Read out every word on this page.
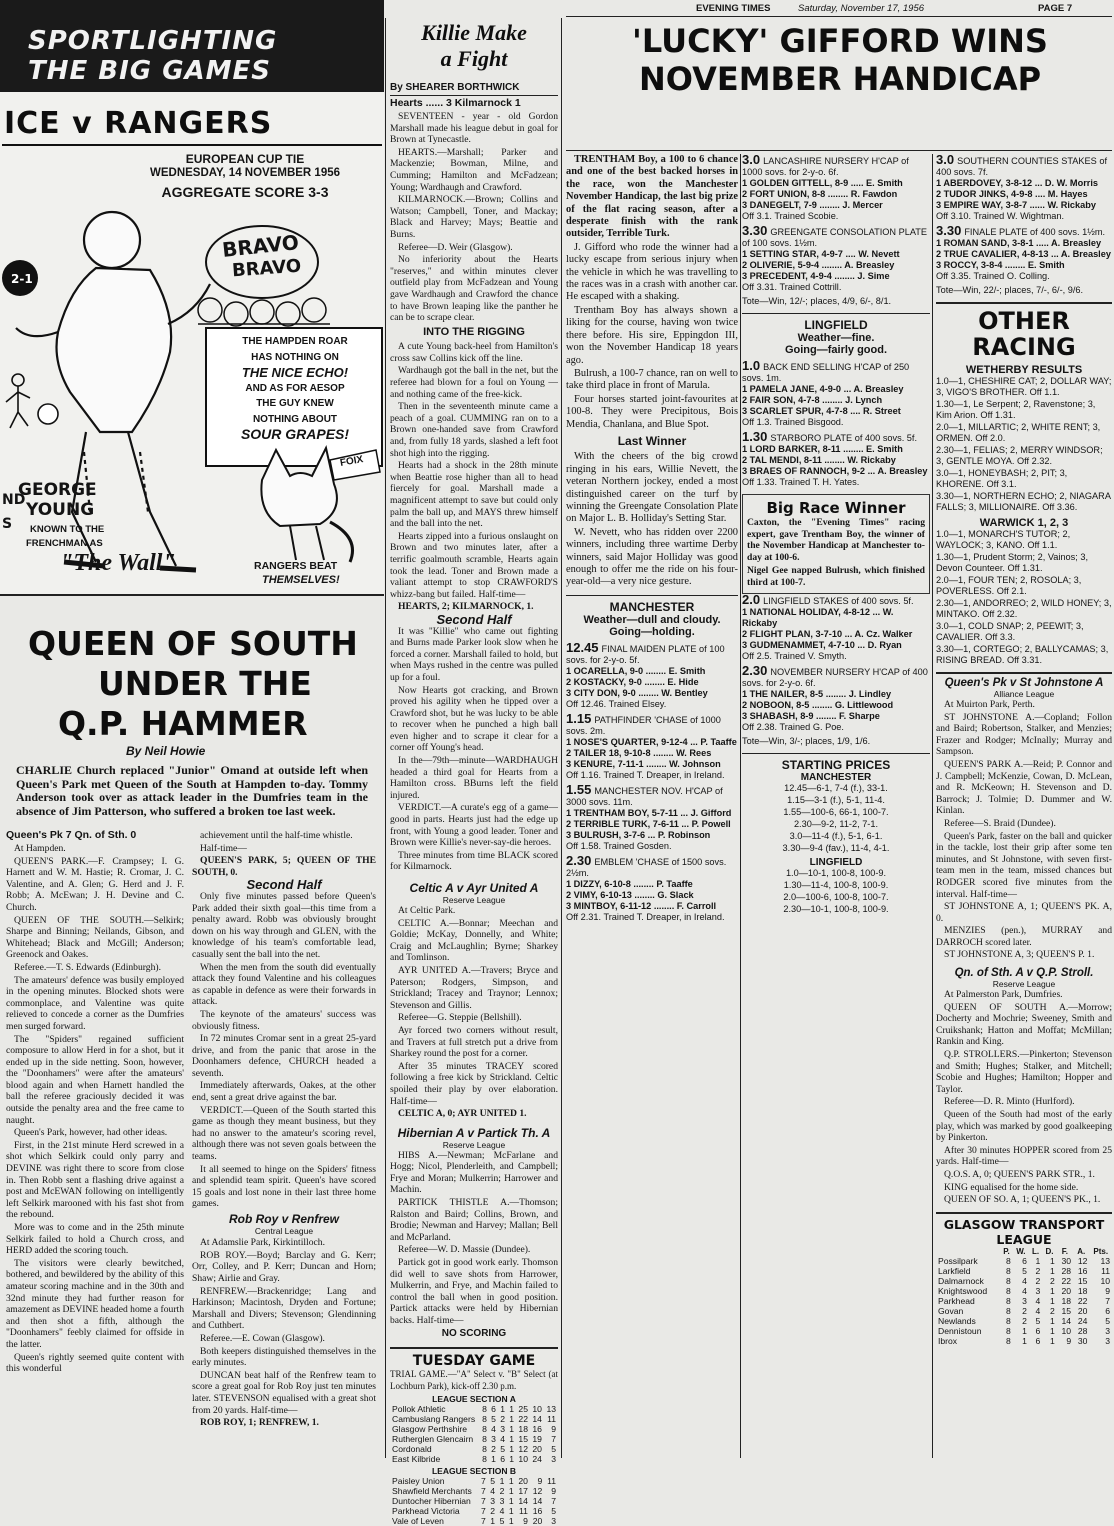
SPORTLIGHTING
THE BIG GAMES
EVENING TIMES	Saturday, November 17, 1956	PAGE 7
ICE v RANGERS
EUROPEAN CUP TIE
WEDNESDAY, 14 NOVEMBER 1956
AGGREGATE SCORE 3-3
2-1
BRAVO
BRAVO
THE HAMPDEN ROAR
HAS NOTHING ON
THE NICE ECHO!
AND AS FOR AESOP
THE GUY KNEW
NOTHING ABOUT
SOUR GRAPES!
FOIX
ND
S
GEORGE
YOUNG
KNOWN TO THE
FRENCHMAN AS
"The Wall"	RANGERS BEAT
THEMSELVES!
QUEEN OF SOUTH
UNDER THE
Q.P. HAMMER
By Neil Howie
CHARLIE Church replaced "Junior" Omand at outside left when Queen's Park met Queen of the South at Hampden to-day. Tommy Anderson took over as attack leader in the Dumfries team in the absence of Jim Patterson, who suffered a broken toe last week.
Queen's Pk 7 Qn. of Sth. 0

At Hampden.

QUEEN'S PARK.—F. Crampsey; I. G. Harnett and W. M. Hastie; R. Cromar, J. C. Valentine, and A. Glen; G. Herd and J. F. Robb; A. McEwan; J. H. Devine and C. Church.

QUEEN OF THE SOUTH.—Selkirk; Sharpe and Binning; Neilands, Gibson, and Whitehead; Black and McGill; Anderson; Greenock and Oakes.

Referee.—T. S. Edwards (Edinburgh).

The amateurs' defence was busily employed in the opening minutes. Blocked shots were commonplace, and Valentine was quite relieved to concede a corner as the Dumfries men surged forward.

The "Spiders" regained sufficient composure to allow Herd in for a shot, but it ended up in the side netting. Soon, however, the "Doonhamers" were after the amateurs' blood again and when Harnett handled the ball the referee graciously decided it was outside the penalty area and the free came to naught.

Queen's Park, however, had other ideas.

First, in the 21st minute Herd screwed in a shot which Selkirk could only parry and DEVINE was right there to score from close in. Then Robb sent a flashing drive against a post and McEWAN following on intelligently left Selkirk marooned with his fast shot from the rebound.

More was to come and in the 25th minute Selkirk failed to hold a Church cross, and HERD added the scoring touch.

The visitors were clearly bewitched, bothered, and bewildered by the ability of this amateur scoring machine and in the 30th and 32nd minute they had further reason for amazement as DEVINE headed home a fourth and then shot a fifth, although the "Doonhamers" feebly claimed for offside in the latter.

Queen's rightly seemed quite content with this wonderful

achievement until the half-time whistle.

Half-time—

QUEEN'S PARK, 5; QUEEN OF THE SOUTH, 0.

Second Half

Only five minutes passed before Queen's Park added their sixth goal—this time from a penalty award. Robb was obviously brought down on his way through and GLEN, with the knowledge of his team's comfortable lead, casually sent the ball into the net.

When the men from the south did eventually attack they found Valentine and his colleagues as capable in defence as were their forwards in attack.

The keynote of the amateurs' success was obviously fitness.

In 72 minutes Cromar sent in a great 25-yard drive, and from the panic that arose in the Doonhamers defence, CHURCH headed a seventh.

Immediately afterwards, Oakes, at the other end, sent a great drive against the bar.

VERDICT.—Queen of the South started this game as though they meant business, but they had no answer to the amateur's scoring revel, although there was not seven goals between the teams.

It all seemed to hinge on the Spiders' fitness and splendid team spirit. Queen's have scored 15 goals and lost none in their last three home games.

Rob Roy v Renfrew
Central League

At Adamslie Park, Kirkintilloch.

ROB ROY.—Boyd; Barclay and G. Kerr; Orr, Colley, and P. Kerr; Duncan and Horn; Shaw; Airlie and Gray.

RENFREW.—Brackenridge; Lang and Harkinson; Macintosh, Dryden and Fortune; Marshall and Divers; Stevenson; Glendinning and Cuthbert.

Referee.—E. Cowan (Glasgow).

Both keepers distinguished themselves in the early minutes.

DUNCAN beat half of the Renfrew team to score a great goal for Rob Roy just ten minutes later. STEVENSON equalised with a great shot from 20 yards. Half-time—

ROB ROY, 1; RENFREW, 1.

Killie Make
a Fight
By SHEARER BORTHWICK
Hearts ...... 3 Kilmarnock 1

SEVENTEEN - year - old Gordon Marshall made his league debut in goal for Brown at Tynecastle.

HEARTS.—Marshall; Parker and Mackenzie; Bowman, Milne, and Cumming; Hamilton and McFadzean; Young; Wardhaugh and Crawford.

KILMARNOCK.—Brown; Collins and Watson; Campbell, Toner, and Mackay; Black and Harvey; Mays; Beattie and Burns.

Referee—D. Weir (Glasgow).

No inferiority about the Hearts "reserves," and within minutes clever outfield play from McFadzean and Young gave Wardhaugh and Crawford the chance to have Brown leaping like the panther he can be to scrape clear.

INTO THE RIGGING

A cute Young back-heel from Hamilton's cross saw Collins kick off the line.

Wardhaugh got the ball in the net, but the referee had blown for a foul on Young — and nothing came of the free-kick.

Then in the seventeenth minute came a peach of a goal. CUMMING ran on to a Brown one-handed save from Crawford and, from fully 18 yards, slashed a left foot shot high into the rigging.

Hearts had a shock in the 28th minute when Beattie rose higher than all to head fiercely for goal. Marshall made a magnificent attempt to save but could only palm the ball up, and MAYS threw himself and the ball into the net.

Hearts zipped into a furious onslaught on Brown and two minutes later, after a terrific goalmouth scramble, Hearts again took the lead. Toner and Brown made a valiant attempt to stop CRAWFORD'S whizz-bang but failed. Half-time—

HEARTS, 2; KILMARNOCK, 1.

Second Half

It was "Killie" who came out fighting and Burns made Parker look slow when he forced a corner. Marshall failed to hold, but when Mays rushed in the centre was pulled up for a foul.

Now Hearts got cracking, and Brown proved his agility when he tipped over a Crawford shot, but he was lucky to be able to recover when he punched a high ball even higher and to scrape it clear for a corner off Young's head.

In the—79th—minute—WARDHAUGH headed a third goal for Hearts from a Hamilton cross. BBurns left the field injured.

VERDICT.—A curate's egg of a game—good in parts. Hearts just had the edge up front, with Young a good leader. Toner and Brown were Killie's never-say-die heroes.

Three minutes from time BLACK scored for Kilmarnock.

Celtic A v Ayr United A
Reserve League

At Celtic Park.

CELTIC A.—Bonnar; Meechan and Goldie; McKay, Donnelly, and White; Craig and McLaughlin; Byrne; Sharkey and Tomlinson.

AYR UNITED A.—Travers; Bryce and Paterson; Rodgers, Simpson, and Strickland; Tracey and Traynor; Lennox; Stevenson and Gillis.

Referee—G. Steppie (Bellshill).

Ayr forced two corners without result, and Travers at full stretch put a drive from Sharkey round the post for a corner.

After 35 minutes TRACEY scored following a free kick by Strickland. Celtic spoiled their play by over elaboration. Half-time—

CELTIC A, 0; AYR UNITED 1.

Hibernian A v Partick Th. A
Reserve League

HIBS A.—Newman; McFarlane and Hogg; Nicol, Plenderleith, and Campbell; Frye and Moran; Mulkerrin; Harrower and Machin.

PARTICK THISTLE A.—Thomson; Ralston and Baird; Collins, Brown, and Brodie; Newman and Harvey; Mallan; Bell and McParland.

Referee—W. D. Massie (Dundee).

Partick got in good work early. Thomson did well to save shots from Harrower, Mulkerrin, and Frye, and Machin failed to control the ball when in good position. Partick attacks were held by Hibernian backs. Half-time—

NO SCORING
TUESDAY GAME
TRIAL GAME.—"A" Select v. "B" Select (at Lochburn Park), kick-off 2.30 p.m.
LEAGUE SECTION A
Pollok Athletic	8	6	1	1	25	10	13
Cambuslang Rangers	8	5	2	1	22	14	11
Glasgow Perthshire	8	4	3	1	18	16	9
Rutherglen Glencairn	8	3	4	1	15	19	7
Cordonald	8	2	5	1	12	20	5
East Kilbride	8	1	6	1	10	24	3
LEAGUE SECTION B
Paisley Union	7	5	1	1	20	9	11
Shawfield Merchants	7	4	2	1	17	12	9
Duntocher Hibernian	7	3	3	1	14	14	7
Parkhead Victoria	7	2	4	1	11	16	5
Vale of Leven	7	1	5	1	9	20	3
'LUCKY' GIFFORD WINS
NOVEMBER HANDICAP

TRENTHAM Boy, a 100 to 6 chance and one of the best backed horses in the race, won the Manchester November Handicap, the last big prize of the flat racing season, after a desperate finish with the rank outsider, Terrible Turk.

J. Gifford who rode the winner had a lucky escape from serious injury when the vehicle in which he was travelling to the races was in a crash with another car. He escaped with a shaking.

Trentham Boy has always shown a liking for the course, having won twice there before. His sire, Eppingdon III, won the November Handicap 18 years ago.

Bulrush, a 100-7 chance, ran on well to take third place in front of Marula.

Four horses started joint-favourites at 100-8. They were Precipitous, Bois Mendia, Chanlana, and Blue Spot.

Last Winner

With the cheers of the big crowd ringing in his ears, Willie Nevett, the veteran Northern jockey, ended a most distinguished career on the turf by winning the Greengate Consolation Plate on Major L. B. Holliday's Setting Star.

W. Nevett, who has ridden over 2200 winners, including three wartime Derby winners, said Major Holliday was good enough to offer me the ride on his four-year-old—a very nice gesture.

MANCHESTER
Weather—dull and cloudy.
Going—holding.
12.45 FINAL MAIDEN PLATE of 100 sovs. for 2-y-o. 5f.
1 OCARELLA, 9-0 ........ E. Smith
2 KOSTACKY, 9-0 ........ E. Hide
3 CITY DON, 9-0 ........ W. Bentley
Off 12.46. Trained Elsey.
1.15 PATHFINDER 'CHASE of 1000 sovs. 2m.
1 NOSE'S QUARTER, 9-12-4 ... P. Taaffe
2 TAILER 18, 9-10-8 ........ W. Rees
3 KENURE, 7-11-1 ........ W. Johnson
Off 1.16. Trained T. Dreaper, in Ireland.
1.55 MANCHESTER NOV. H'CAP of 3000 sovs. 11m.
1 TRENTHAM BOY, 5-7-11 ... J. Gifford
2 TERRIBLE TURK, 7-6-11 ... P. Powell
3 BULRUSH, 3-7-6 ... P. Robinson
Off 1.58. Trained Gosden.
2.30 EMBLEM 'CHASE of 1500 sovs. 2½m.
1 DIZZY, 6-10-8 ........ P. Taaffe
2 VIMY, 6-10-13 ........ G. Slack
3 MINTBOY, 6-11-12 ........ F. Carroll
Off 2.31. Trained T. Dreaper, in Ireland.
3.0 LANCASHIRE NURSERY H'CAP of 1000 sovs. for 2-y-o. 6f.
1 GOLDEN GITTELL, 8-9 ..... E. Smith
2 FORT UNION, 8-8 ........ R. Fawdon
3 DANEGELT, 7-9 ........ J. Mercer
Off 3.1. Trained Scobie.
3.30 GREENGATE CONSOLATION PLATE of 100 sovs. 1½m.
1 SETTING STAR, 4-9-7 .... W. Nevett
2 OLIVERIE, 5-9-4 ........ A. Breasley
3 PRECEDENT, 4-9-4 ........ J. Sime
Off 3.31. Trained Cottrill.
Tote—Win, 12/-; places, 4/9, 6/-, 8/1.
LINGFIELD
Weather—fine.
Going—fairly good.
1.0 BACK END SELLING H'CAP of 250 sovs. 1m.
1 PAMELA JANE, 4-9-0 ... A. Breasley
2 FAIR SON, 4-7-8 ........ J. Lynch
3 SCARLET SPUR, 4-7-8 .... R. Street
Off 1.3. Trained Bisgood.
1.30 STARBORO PLATE of 400 sovs. 5f.
1 LORD BARKER, 8-11 ........ E. Smith
2 TAL MENDI, 8-11 ........ W. Rickaby
3 BRAES OF RANNOCH, 9-2 ... A. Breasley
Off 1.33. Trained T. H. Yates.
Big Race Winner
Caxton, the "Evening Times" racing expert, gave Trentham Boy, the winner of the November Handicap at Manchester to-day at 100-6.
Nigel Gee napped Bulrush, which finished third at 100-7.
2.0 LINGFIELD STAKES of 400 sovs. 5f.
1 NATIONAL HOLIDAY, 4-8-12 ... W. Rickaby
2 FLIGHT PLAN, 3-7-10 ... A. Cz. Walker
3 GUDMENAMMET, 4-7-10 ... D. Ryan
Off 2.5. Trained V. Smyth.
2.30 NOVEMBER NURSERY H'CAP of 400 sovs. for 2-y-o. 6f.
1 THE NAILER, 8-5 ........ J. Lindley
2 NOBOON, 8-5 ........ G. Littlewood
3 SHABASH, 8-9 ........ F. Sharpe
Off 2.38. Trained G. Poe.
Tote—Win, 3/-; places, 1/9, 1/6.
STARTING PRICES
MANCHESTER
12.45—6-1, 7-4 (f.), 33-1.
1.15—3-1 (f.), 5-1, 11-4.
1.55—100-6, 66-1, 100-7.
2.30—9-2, 11-2, 7-1.
3.0—11-4 (f.), 5-1, 6-1.
3.30—9-4 (fav.), 11-4, 4-1.
LINGFIELD
1.0—10-1, 100-8, 100-9.
1.30—11-4, 100-8, 100-9.
2.0—100-6, 100-8, 100-7.
2.30—10-1, 100-8, 100-9.
3.0 SOUTHERN COUNTIES STAKES of 400 sovs. 7f.
1 ABERDOVEY, 3-8-12 ... D. W. Morris
2 TUDOR JINKS, 4-9-8 .... M. Hayes
3 EMPIRE WAY, 3-8-7 ...... W. Rickaby
Off 3.10. Trained W. Wightman.
3.30 FINALE PLATE of 400 sovs. 1½m.
1 ROMAN SAND, 3-8-1 ..... A. Breasley
2 TRUE CAVALIER, 4-8-13 ... A. Breasley
3 ROCCY, 3-8-4 ........ E. Smith
Off 3.35. Trained O. Colling.
Tote—Win, 22/-; places, 7/-, 6/-, 9/6.
OTHER
RACING
WETHERBY RESULTS
1.0—1, CHESHIRE CAT; 2, DOLLAR WAY; 3, VIGO'S BROTHER. Off 1.1.
1.30—1, Le Serpent; 2, Ravenstone; 3, Kim Arion. Off 1.31.
2.0—1, MILLARTIC; 2, WHITE RENT; 3, ORMEN. Off 2.0.
2.30—1, FELIAS; 2, MERRY WINDSOR; 3, GENTLE MOYA. Off 2.32.
3.0—1, HONEYBASH; 2, PIT; 3, KHORENE. Off 3.1.
3.30—1, NORTHERN ECHO; 2, NIAGARA FALLS; 3, MILLIONAIRE. Off 3.36.
WARWICK 1, 2, 3
1.0—1, MONARCH'S TUTOR; 2, WAYLOCK; 3, KANO. Off 1.1.
1.30—1, Prudent Storm; 2, Vainos; 3, Devon Counteer. Off 1.31.
2.0—1, FOUR TEN; 2, ROSOLA; 3, POVERLESS. Off 2.1.
2.30—1, ANDORREO; 2, WILD HONEY; 3, MINTAKO. Off 2.32.
3.0—1, COLD SNAP; 2, PEEWIT; 3, CAVALIER. Off 3.3.
3.30—1, CORTEGO; 2, BALLYCAMAS; 3, RISING BREAD. Off 3.31.
Queen's Pk v St Johnstone A
Alliance League

At Muirton Park, Perth.

ST JOHNSTONE A.—Copland; Follon and Baird; Robertson, Stalker, and Menzies; Frazer and Rodger; McInally; Murray and Sampson.

QUEEN'S PARK A.—Reid; P. Connor and J. Campbell; McKenzie, Cowan, D. McLean, and R. McKeown; H. Stevenson and D. Barrock; J. Tolmie; D. Dummer and W. Kinlan.

Referee—S. Braid (Dundee).

Queen's Park, faster on the ball and quicker in the tackle, lost their grip after some ten minutes, and St Johnstone, with seven first-team men in the team, missed chances but RODGER scored five minutes from the interval. Half-time—

ST JOHNSTONE A, 1; QUEEN'S PK. A, 0.

MENZIES (pen.), MURRAY and DARROCH scored later.

ST JOHNSTONE A, 3; QUEEN'S P. 1.

Qn. of Sth. A v Q.P. Stroll.
Reserve League

At Palmerston Park, Dumfries.

QUEEN OF SOUTH A.—Morrow; Docherty and Mochrie; Sweeney, Smith and Cruikshank; Hatton and Moffat; McMillan; Rankin and King.

Q.P. STROLLERS.—Pinkerton; Stevenson and Smith; Hughes; Stalker, and Mitchell; Scobie and Hughes; Hamilton; Hopper and Taylor.

Referee—D. R. Minto (Hurlford).

Queen of the South had most of the early play, which was marked by good goalkeeping by Pinkerton.

After 30 minutes HOPPER scored from 25 yards. Half-time—

Q.O.S. A, 0; QUEEN'S PARK STR., 1.

KING equalised for the home side.

QUEEN OF SO. A, 1; QUEEN'S PK., 1.

GLASGOW TRANSPORT
LEAGUE
	P.	W.	L.	D.	F.	A.	Pts.
Possilpark	8	6	1	1	30	12	13
Larkfield	8	5	2	1	28	16	11
Dalmarnock	8	4	2	2	22	15	10
Knightswood	8	4	3	1	20	18	9
Parkhead	8	3	4	1	18	22	7
Govan	8	2	4	2	15	20	6
Newlands	8	2	5	1	14	24	5
Dennistoun	8	1	6	1	10	28	3
Ibrox	8	1	6	1	9	30	3
